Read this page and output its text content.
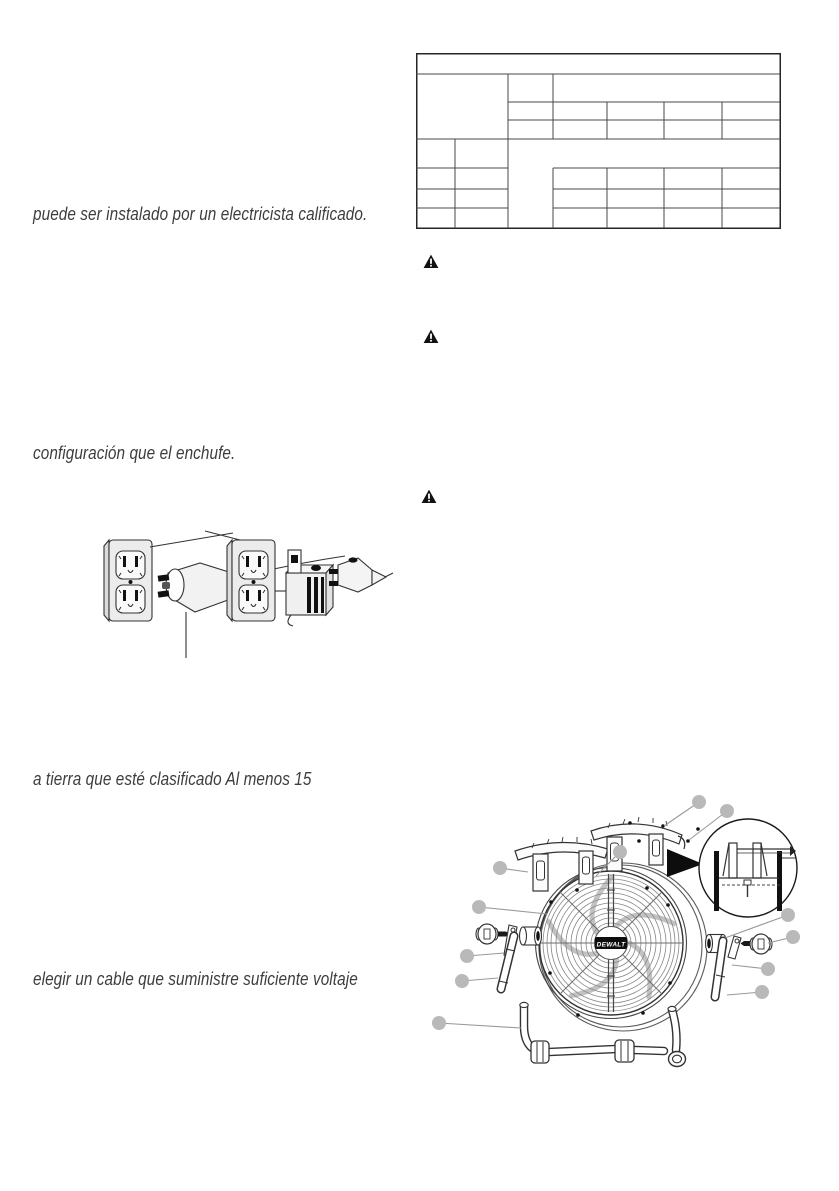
puede ser instalado por un electricista calificado.
configuración que el enchufe.
a tierra que esté clasificado Al menos 15
elegir un cable que suministre suficiente voltaje
DEWALT
